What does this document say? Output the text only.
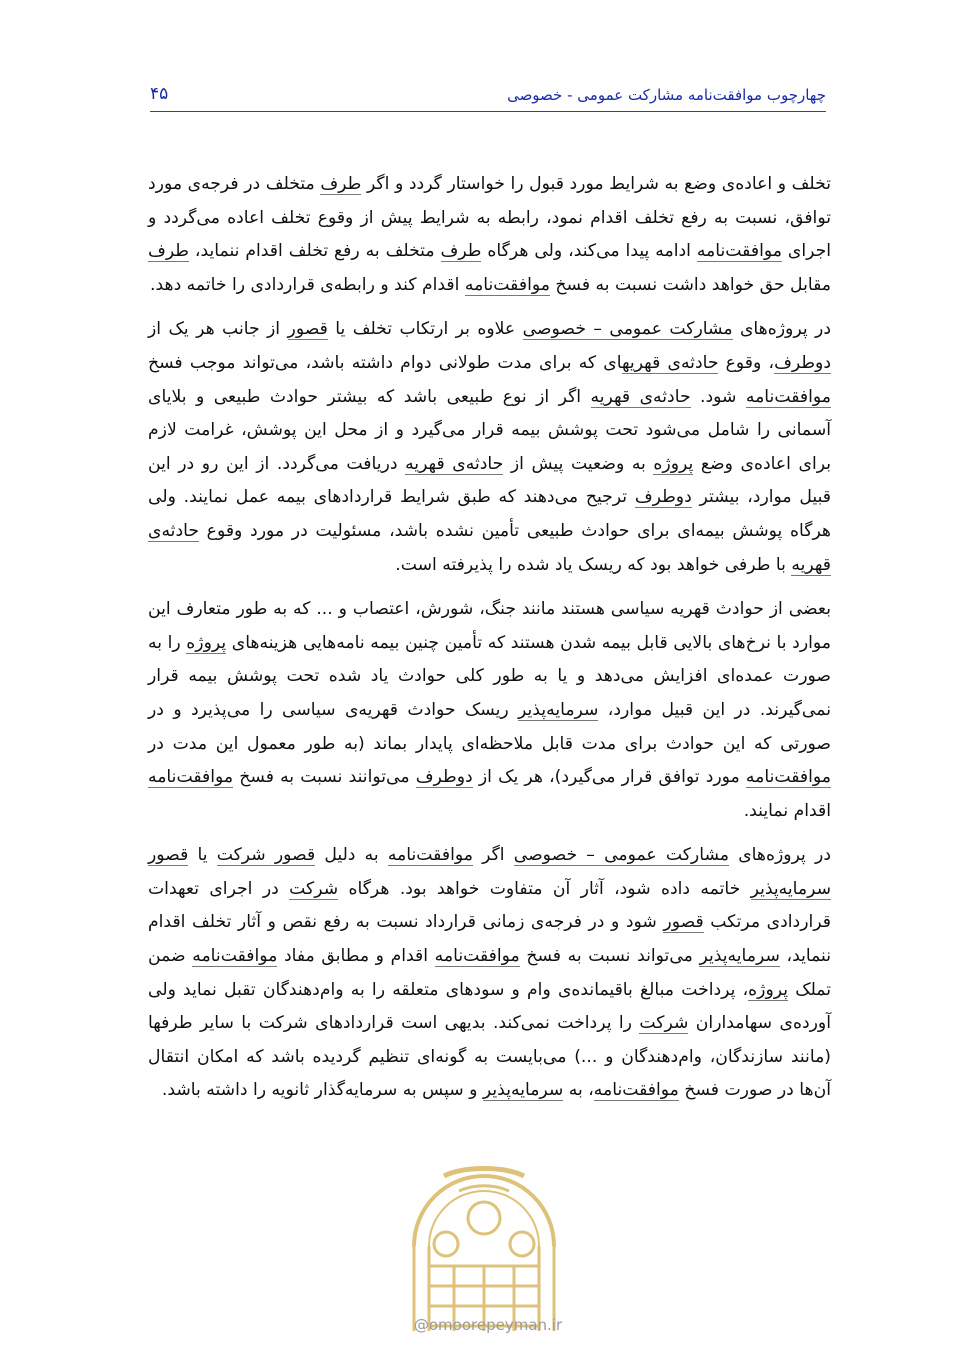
چهارچوب موافقت‌نامه مشارکت عمومی - خصوصی
۴۵

تخلف و اعاده‌ی وضع به شرایط مورد قبول را خواستار گردد و اگر طرف متخلف در فرجه‌ی مورد توافق، نسبت به رفع تخلف اقدام نمود، رابطه به شرایط پیش از وقوع تخلف اعاده می‌گردد و اجرای موافقت‌نامه ادامه پیدا می‌کند، ولی هرگاه طرف متخلف به رفع تخلف اقدام ننماید، طرف مقابل حق خواهد داشت نسبت به فسخ موافقت‌نامه اقدام کند و رابطه‌ی قراردادی را خاتمه دهد.

در پروژه‌های مشارکت عمومی – خصوصی علاوه بر ارتکاب تخلف یا قصور از جانب هر یک از دوطرف، وقوع حادثه‌ی قهریهای که برای مدت طولانی دوام داشته باشد، می‌تواند موجب فسخ موافقت‌نامه شود. حادثه‌ی قهریه اگر از نوع طبیعی باشد که بیشتر حوادث طبیعی و بلایای آسمانی را شامل می‌شود تحت پوشش بیمه قرار می‌گیرد و از محل این پوشش، غرامت لازم برای اعاده‌ی وضع پروژه به وضعیت پیش از حادثه‌ی قهریه دریافت می‌گردد. از این رو در این قبیل موارد، بیشتر دوطرف ترجیح می‌دهند که طبق شرایط قراردادهای بیمه عمل نمایند. ولی هرگاه پوشش بیمه‌ای برای حوادث طبیعی تأمین نشده باشد، مسئولیت در مورد وقوع حادثه‌ی قهریه با طرفی خواهد بود که ریسک یاد شده را پذیرفته است.

بعضی از حوادث قهریه سیاسی هستند مانند جنگ، شورش، اعتصاب و ... که به طور متعارف این موارد با نرخ‌های بالایی قابل بیمه شدن هستند که تأمین چنین بیمه نامه‌هایی هزینه‌های پروژه را به صورت عمده‌ای افزایش می‌دهد و یا به طور کلی حوادث یاد شده تحت پوشش بیمه قرار نمی‌گیرند. در این قبیل موارد، سرمایه‌پذیر ریسک حوادث قهریه‌ی سیاسی را می‌پذیرد و در صورتی که این حوادث برای مدت قابل ملاحظه‌ای پایدار بماند (به طور معمول این مدت در موافقت‌نامه مورد توافق قرار می‌گیرد)، هر یک از دوطرف می‌توانند نسبت به فسخ موافقت‌نامه اقدام نمایند.

در پروژه‌های مشارکت عمومی – خصوصی اگر موافقت‌نامه به دلیل قصور شرکت یا قصور سرمایه‌پذیر خاتمه داده شود، آثار آن متفاوت خواهد بود. هرگاه شرکت در اجرای تعهدات قراردادی مرتکب قصور شود و در فرجه‌ی زمانی قرارداد نسبت به رفع نقص و آثار تخلف اقدام ننماید، سرمایه‌پذیر می‌تواند نسبت به فسخ موافقت‌نامه اقدام و مطابق مفاد موافقت‌نامه ضمن تملک پروژه، پرداخت مبالغ باقیمانده‌ی وام و سودهای متعلقه را به وام‌دهندگان تقبل نماید ولی آورده‌ی سهامداران شرکت را پرداخت نمی‌کند. بدیهی است قراردادهای شرکت با سایر طرفها (مانند سازندگان، وام‌دهندگان و ...) می‌بایست به گونه‌ای تنظیم گردیده باشد که امکان انتقال آن‌ها در صورت فسخ موافقت‌نامه، به سرمایه‌پذیر و سپس به سرمایه‌گذار ثانویه را داشته باشد.

@omoorepeyman.ir
